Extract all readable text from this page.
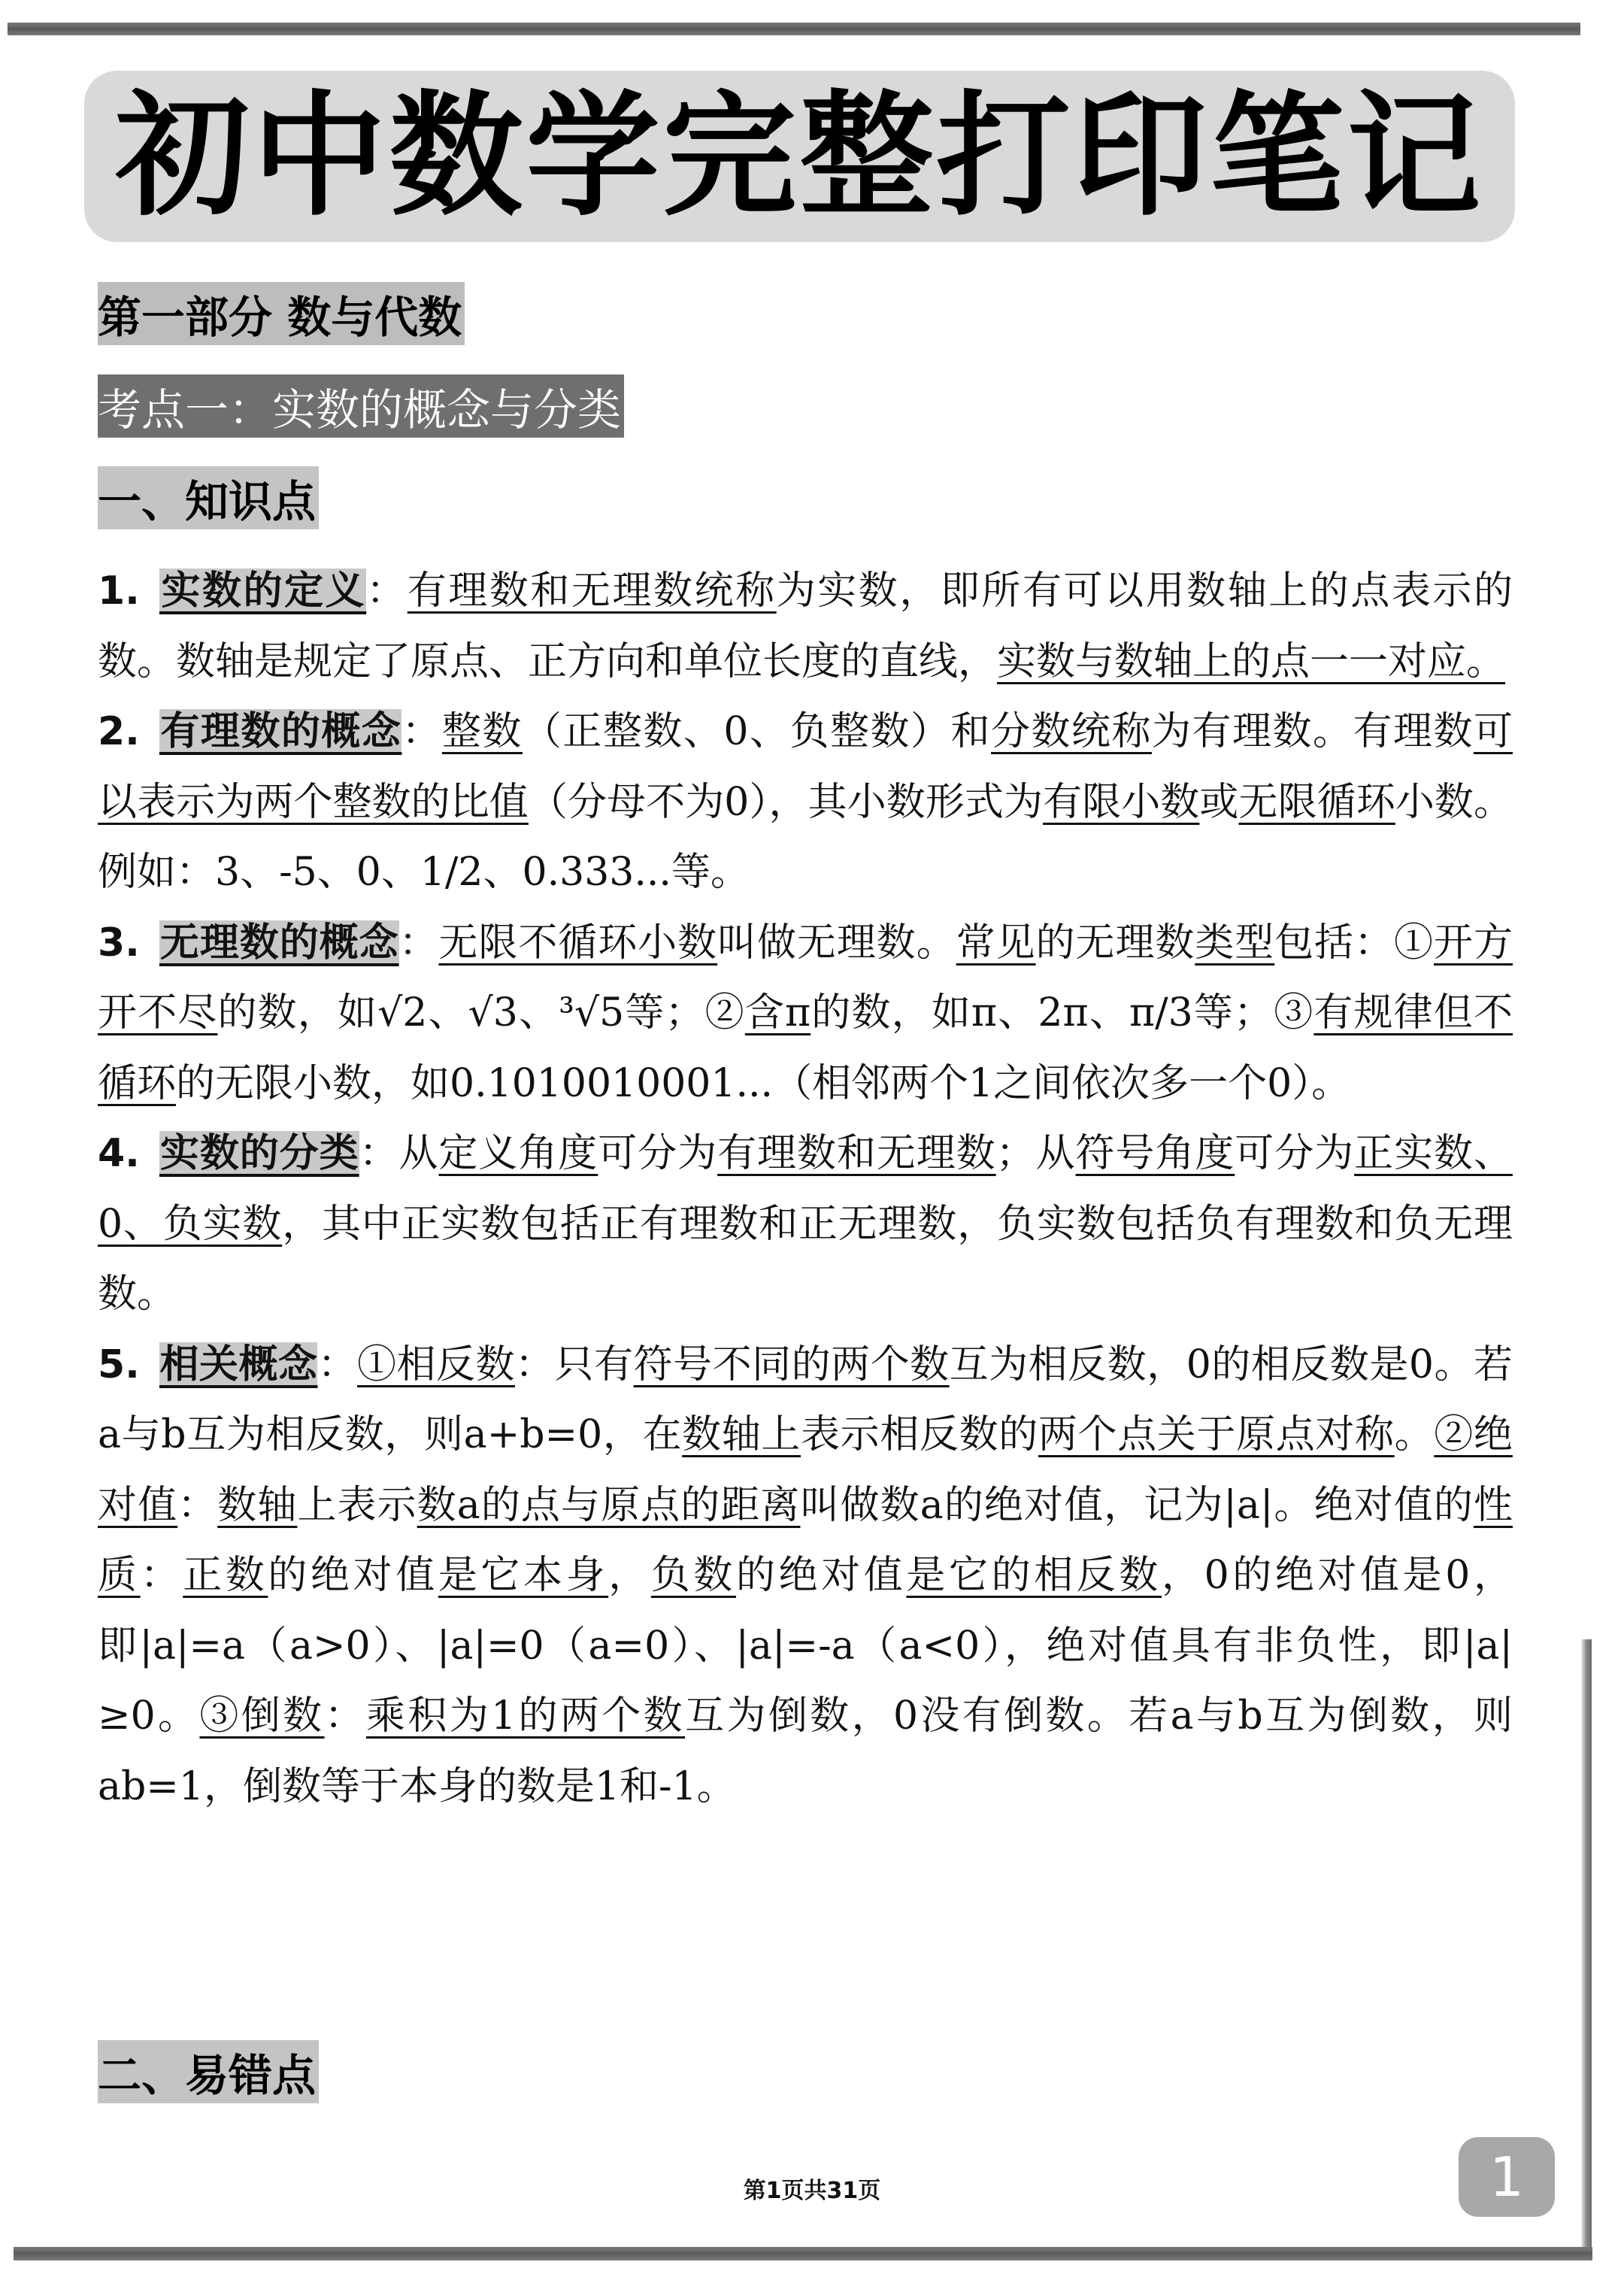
初中数学完整打印笔记
第一部分 数与代数
考点一：实数的概念与分类
一、知识点

1. 实数的定义：有理数和无理数统称为实数，即所有可以用数轴上的点表示的数。数轴是规定了原点、正方向和单位长度的直线，实数与数轴上的点一一对应。

2. 有理数的概念：整数（正整数、0、负整数）和分数统称为有理数。有理数可以表示为两个整数的比值（分母不为0），其小数形式为有限小数或无限循环小数。例如：3、-5、0、1/2、0.333...等。

3. 无理数的概念：无限不循环小数叫做无理数。常见的无理数类型包括：①开方开不尽的数，如√2、√3、³√5等；②含π的数，如π、2π、π/3等；③有规律但不循环的无限小数，如0.1010010001...（相邻两个1之间依次多一个0）。

4. 实数的分类：从定义角度可分为有理数和无理数；从符号角度可分为正实数、0、负实数，其中正实数包括正有理数和正无理数，负实数包括负有理数和负无理数。

5. 相关概念：①相反数：只有符号不同的两个数互为相反数，0的相反数是0。若a与b互为相反数，则a+b=0，在数轴上表示相反数的两个点关于原点对称。②绝对值：数轴上表示数a的点与原点的距离叫做数a的绝对值，记为|a|。绝对值的性质：正数的绝对值是它本身，负数的绝对值是它的相反数，0的绝对值是0，即|a|=a（a>0）、|a|=0（a=0）、|a|=-a（a<0），绝对值具有非负性，即|a|≥0。③倒数：乘积为1的两个数互为倒数，0没有倒数。若a与b互为倒数，则ab=1，倒数等于本身的数是1和-1。

二、易错点
第1页共31页	1
